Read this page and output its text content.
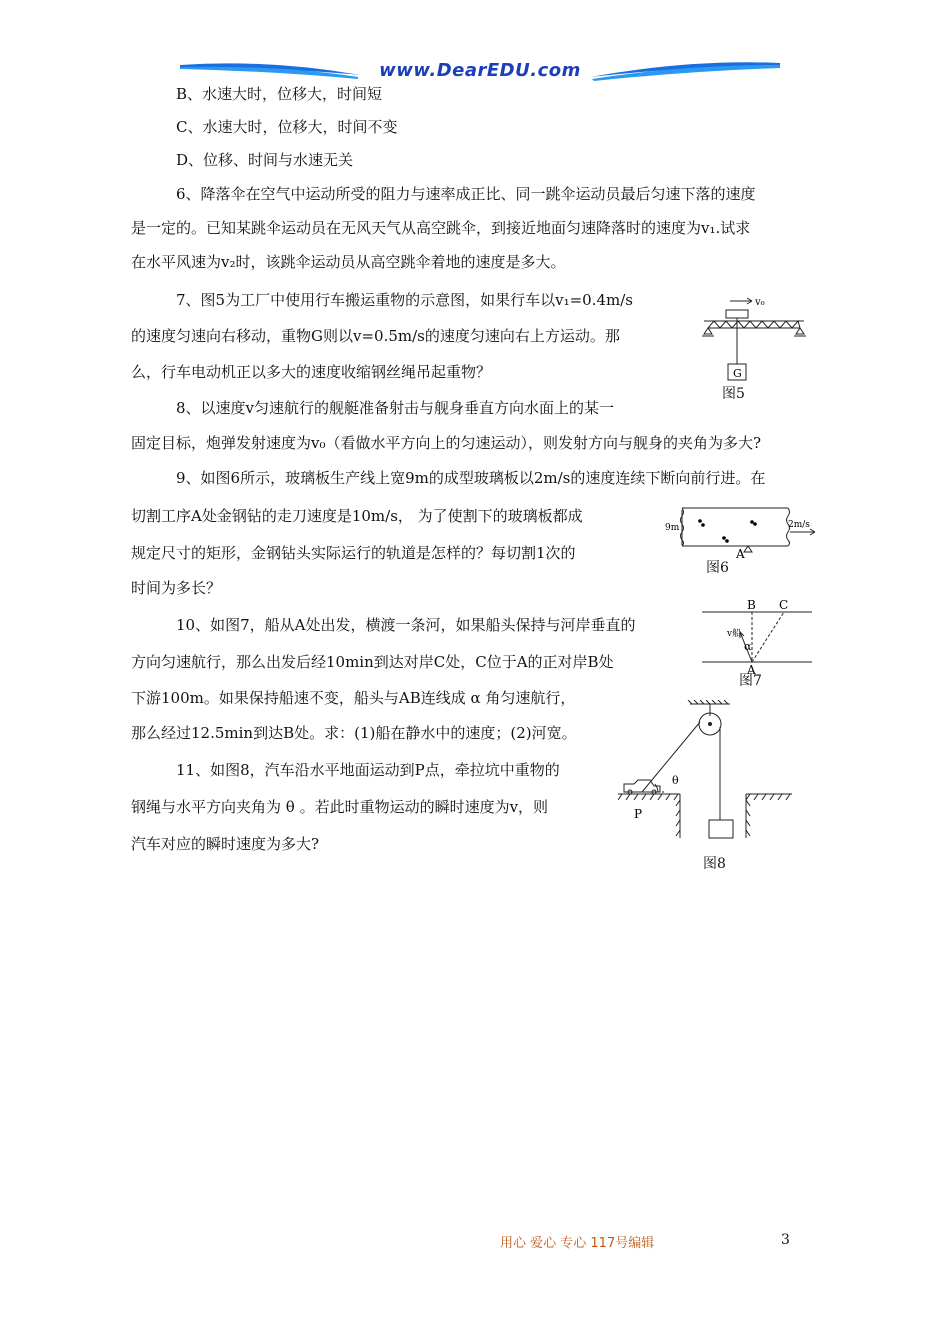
www.DearEDU.com
B、水速大时，位移大，时间短
C、水速大时，位移大，时间不变
D、位移、时间与水速无关
6、降落伞在空气中运动所受的阻力与速率成正比、同一跳伞运动员最后匀速下落的速度
是一定的。已知某跳伞运动员在无风天气从高空跳伞，到接近地面匀速降落时的速度为v₁.试求
在水平风速为v₂时，该跳伞运动员从高空跳伞着地的速度是多大。
7、图5为工厂中使用行车搬运重物的示意图，如果行车以v₁=0.4m/s
的速度匀速向右移动，重物G则以v=0.5m/s的速度匀速向右上方运动。那
么，行车电动机正以多大的速度收缩钢丝绳吊起重物？
8、以速度v匀速航行的舰艇准备射击与舰身垂直方向水面上的某一
固定目标，炮弹发射速度为v₀（看做水平方向上的匀速运动），则发射方向与舰身的夹角为多大?
9、如图6所示，玻璃板生产线上宽9m的成型玻璃板以2m/s的速度连续下断向前行进。在
切割工序A处金钢钻的走刀速度是10m/s， 为了使割下的玻璃板都成
规定尺寸的矩形，金钢钻头实际运行的轨道是怎样的？每切割1次的
时间为多长？
10、如图7，船从A处出发，横渡一条河，如果船头保持与河岸垂直的
方向匀速航行，那么出发后经10min到达对岸C处，C位于A的正对岸B处
下游100m。如果保持船速不变，船头与AB连线成 α 角匀速航行，
那么经过12.5min到达B处。求：(1)船在静水中的速度；(2)河宽。
11、如图8，汽车沿水平地面运动到P点，牵拉坑中重物的
钢绳与水平方向夹角为 θ 。若此时重物运动的瞬时速度为v，则
汽车对应的瞬时速度为多大?
v₀
G
图5
9m	2m/s
A
图6
B C
v船
α
A
图7
θ
P
图8
用心 爱心 专心 117号编辑	3
